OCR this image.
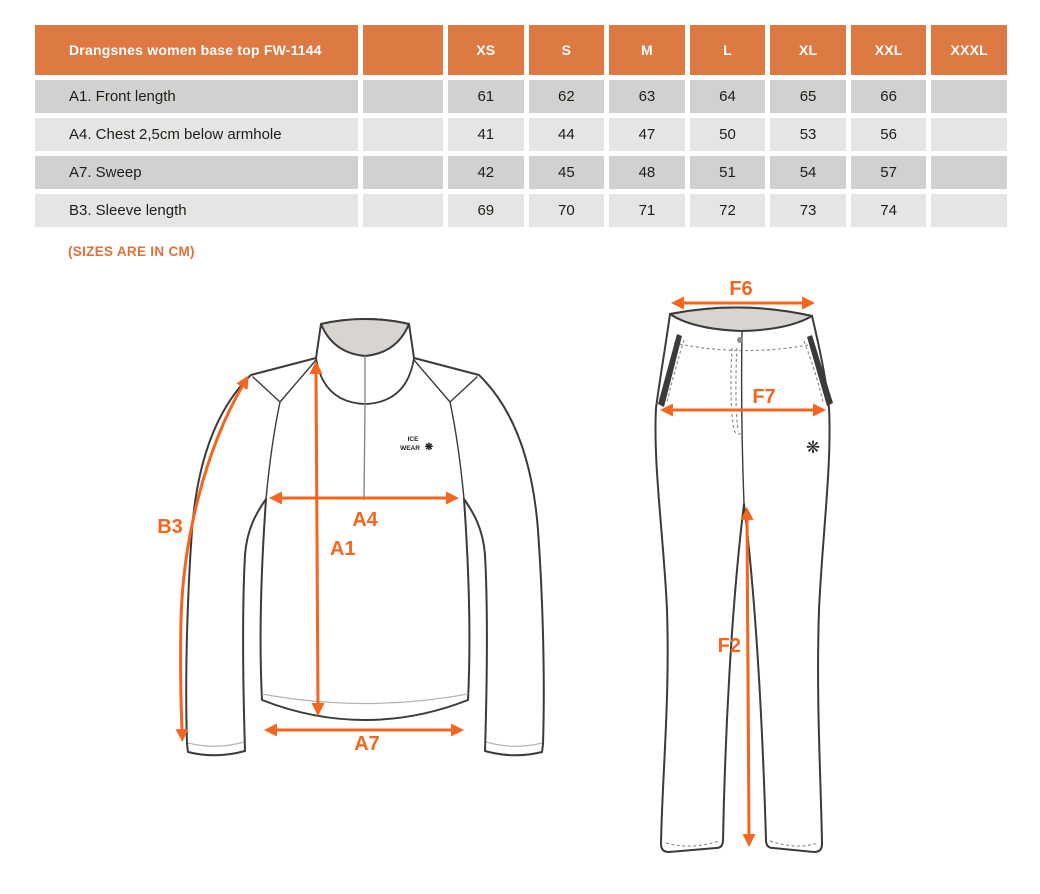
Drangsnes women base top FW-1144	XS	S	M	L	XL	XXL	XXXL
A1. Front length	61	62	63	64	65	66
A4. Chest 2,5cm below armhole	41	44	47	50	53	56
A7. Sweep	42	45	48	51	54	57
B3. Sleeve length	69	70	71	72	73	74
(SIZES ARE IN CM)
ICE
WEAR ❋
B3	A4
A1
A7
❋
F6
F7
F2
